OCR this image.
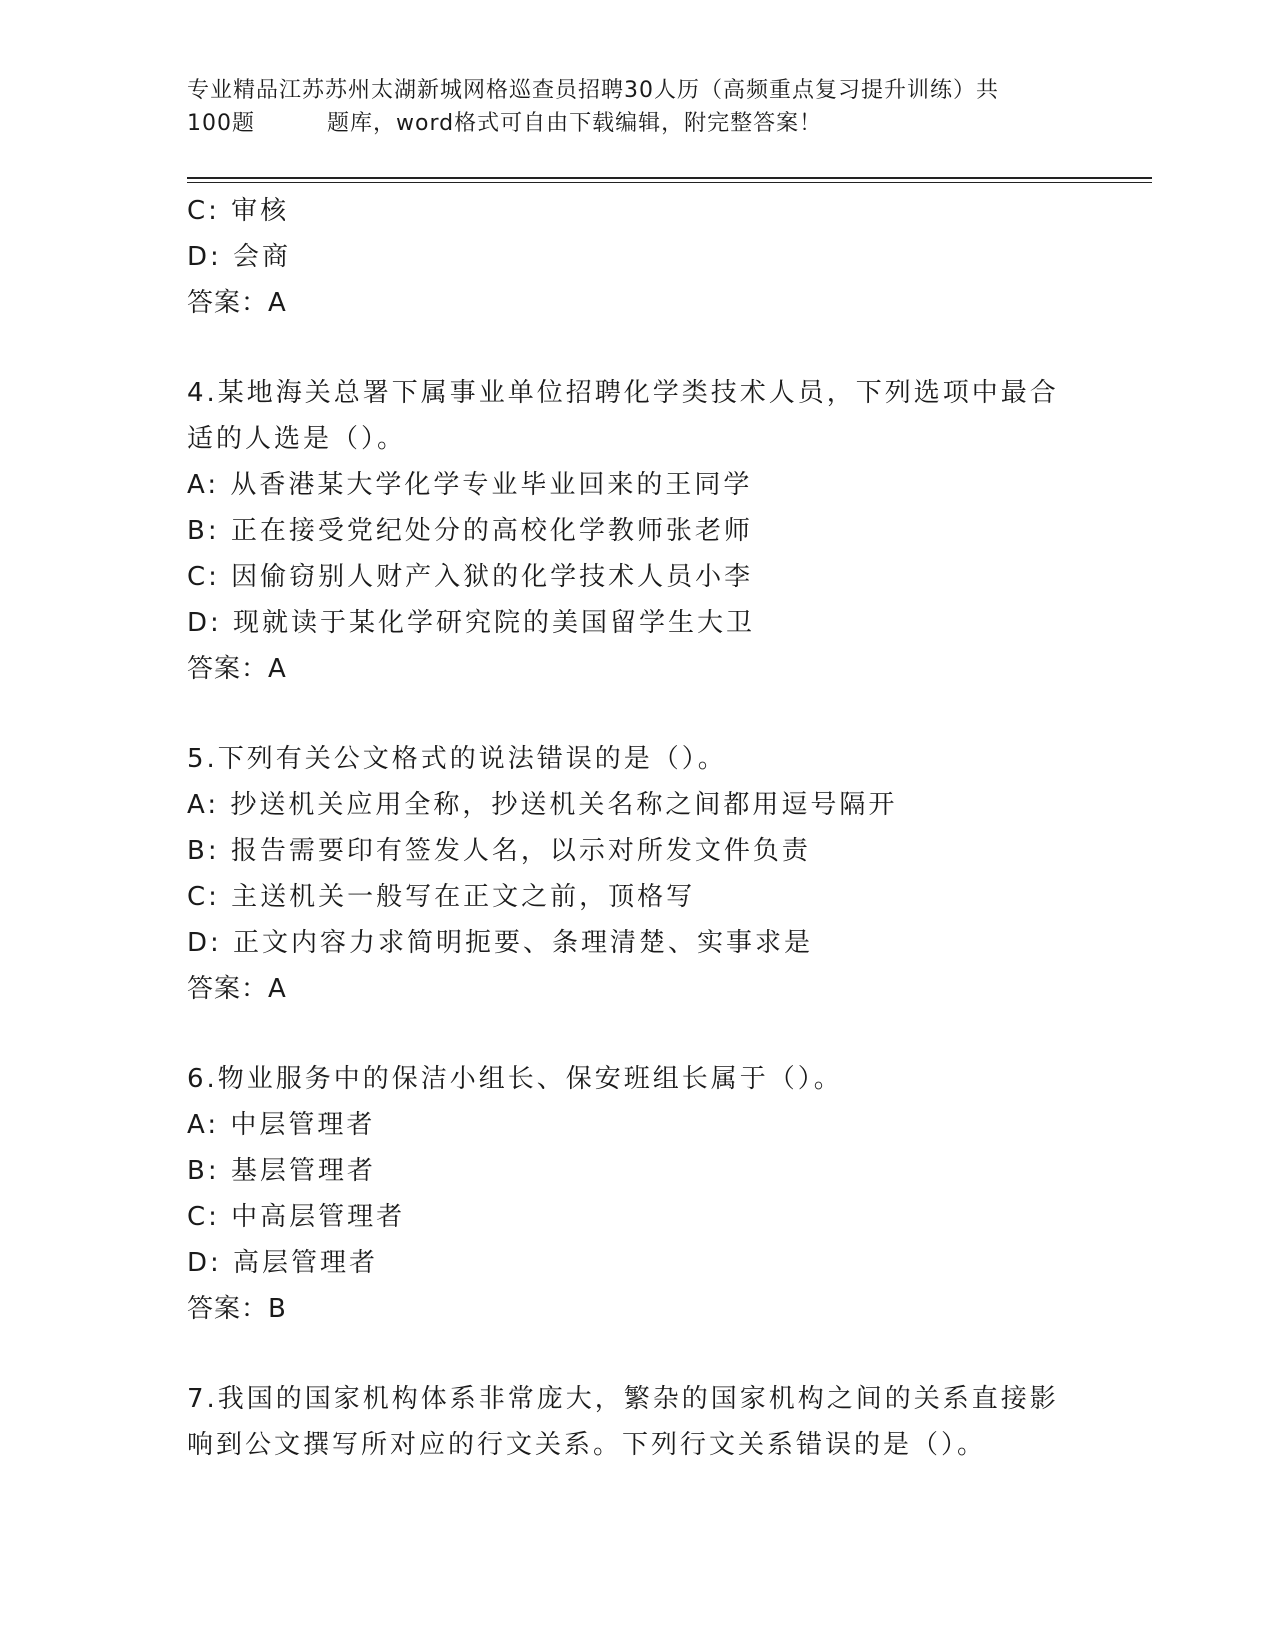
专业精品江苏苏州太湖新城网格巡查员招聘30人历（高频重点复习提升训练）共
100题	题库，word格式可自由下载编辑，附完整答案！
C: 审核
D: 会商
答案：A
4.某地海关总署下属事业单位招聘化学类技术人员，下列选项中最合
适的人选是（）。
A: 从香港某大学化学专业毕业回来的王同学
B: 正在接受党纪处分的高校化学教师张老师
C: 因偷窃别人财产入狱的化学技术人员小李
D: 现就读于某化学研究院的美国留学生大卫
答案：A
5.下列有关公文格式的说法错误的是（）。
A: 抄送机关应用全称，抄送机关名称之间都用逗号隔开
B: 报告需要印有签发人名，以示对所发文件负责
C: 主送机关一般写在正文之前，顶格写
D: 正文内容力求简明扼要、条理清楚、实事求是
答案：A
6.物业服务中的保洁小组长、保安班组长属于（）。
A: 中层管理者
B: 基层管理者
C: 中高层管理者
D: 高层管理者
答案：B
7.我国的国家机构体系非常庞大，繁杂的国家机构之间的关系直接影
响到公文撰写所对应的行文关系。下列行文关系错误的是（）。
